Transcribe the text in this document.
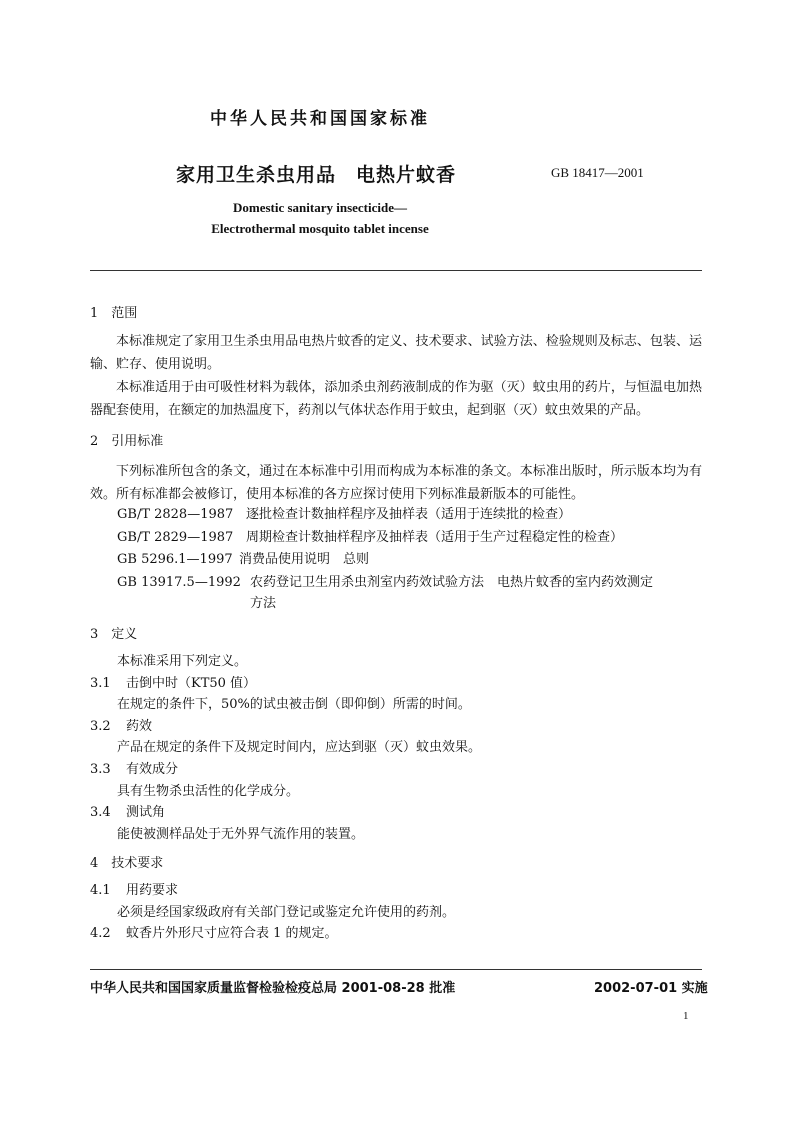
中华人民共和国国家标准
家用卫生杀虫用品　电热片蚊香	GB 18417—2001
Domestic sanitary insecticide—
Electrothermal mosquito tablet incense
1　范围
本标准规定了家用卫生杀虫用品电热片蚊香的定义、技术要求、试验方法、检验规则及标志、包装、运输、贮存、使用说明。
本标准适用于由可吸性材料为载体，添加杀虫剂药液制成的作为驱（灭）蚊虫用的药片，与恒温电加热器配套使用，在额定的加热温度下，药剂以气体状态作用于蚊虫，起到驱（灭）蚊虫效果的产品。
2　引用标准
下列标准所包含的条文，通过在本标准中引用而构成为本标准的条文。本标准出版时，所示版本均为有效。所有标准都会被修订，使用本标准的各方应探讨使用下列标准最新版本的可能性。
GB/T 2828—1987 逐批检查计数抽样程序及抽样表（适用于连续批的检查）
GB/T 2829—1987 周期检查计数抽样程序及抽样表（适用于生产过程稳定性的检查）
GB 5296.1—1997 消费品使用说明　总则
GB 13917.5—1992 农药登记卫生用杀虫剂室内药效试验方法　电热片蚊香的室内药效测定
方法
3　定义
本标准采用下列定义。
3.1 击倒中时（KT50 值）
在规定的条件下，50%的试虫被击倒（即仰倒）所需的时间。
3.2 药效
产品在规定的条件下及规定时间内，应达到驱（灭）蚊虫效果。
3.3 有效成分
具有生物杀虫活性的化学成分。
3.4 测试角
能使被测样品处于无外界气流作用的装置。
4　技术要求
4.1 用药要求
必须是经国家级政府有关部门登记或鉴定允许使用的药剂。
4.2 蚊香片外形尺寸应符合表 1 的规定。
中华人民共和国国家质量监督检验检疫总局 2001-08-28 批准	2002-07-01 实施
1
